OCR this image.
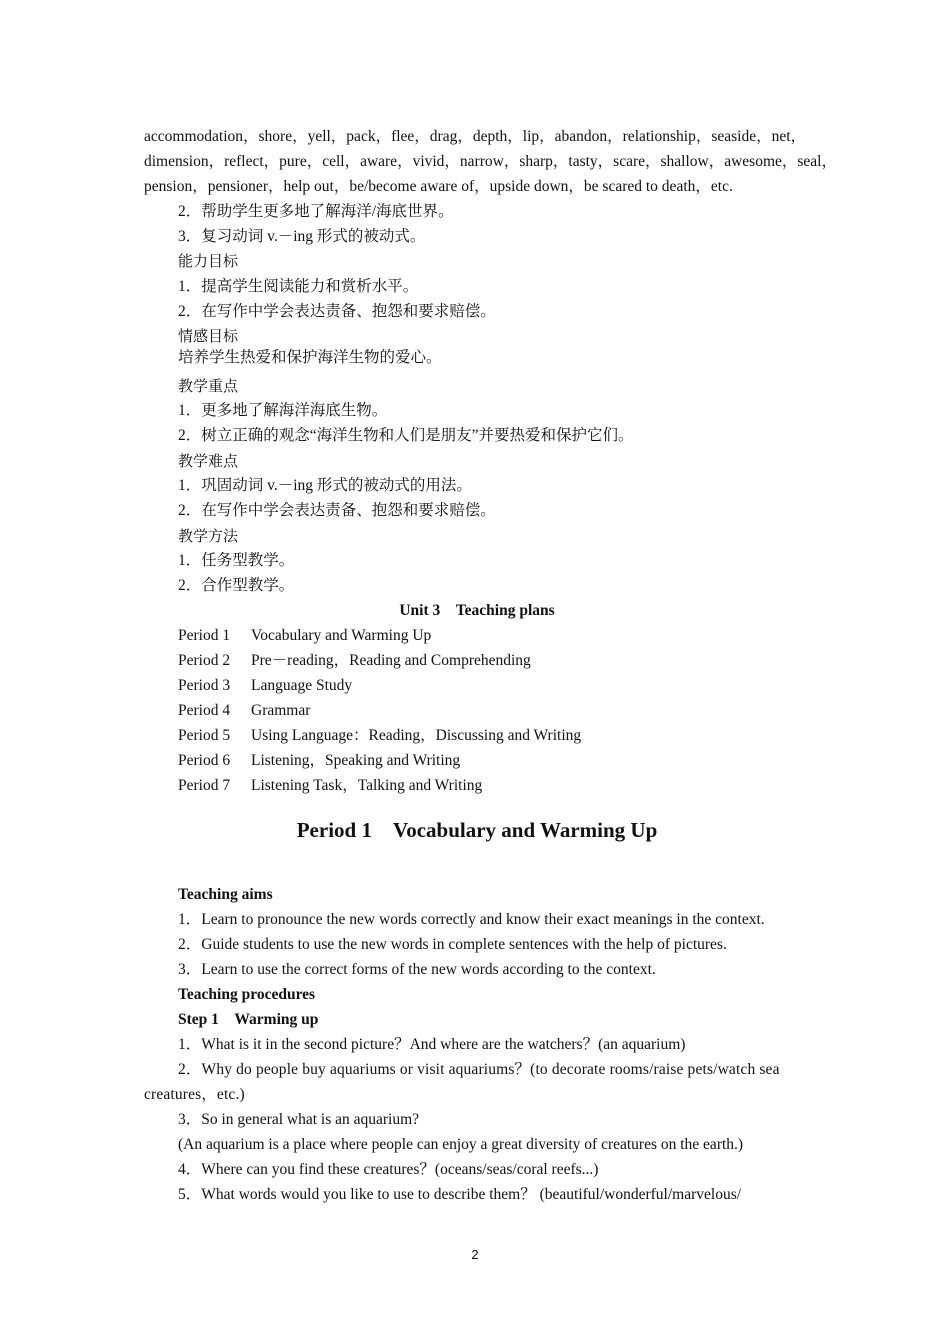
accommodation，shore，yell，pack，flee，drag，depth，lip，abandon，relationship，seaside，net，
dimension，reflect，pure，cell，aware，vivid，narrow，sharp，tasty，scare，shallow，awesome，seal，
pension，pensioner，help out，be/become aware of，upside down，be scared to death，etc.
2．帮助学生更多地了解海洋/海底世界。
3．复习动词 v.－ing 形式的被动式。
能力目标
1．提高学生阅读能力和赏析水平。
2．在写作中学会表达责备、抱怨和要求赔偿。
情感目标
培养学生热爱和保护海洋生物的爱心。
教学重点
1．更多地了解海洋海底生物。
2．树立正确的观念“海洋生物和人们是朋友”并要热爱和保护它们。
教学难点
1．巩固动词 v.－ing 形式的被动式的用法。
2．在写作中学会表达责备、抱怨和要求赔偿。
教学方法
1．任务型教学。
2．合作型教学。
Unit 3　Teaching plans
Period 1 Vocabulary and Warming Up
Period 2 Pre－reading，Reading and Comprehending
Period 3 Language Study
Period 4 Grammar
Period 5 Using Language：Reading，Discussing and Writing
Period 6 Listening，Speaking and Writing
Period 7 Listening Task，Talking and Writing
Period 1　Vocabulary and Warming Up
Teaching aims
1．Learn to pronounce the new words correctly and know their exact meanings in the context.
2．Guide students to use the new words in complete sentences with the help of pictures.
3．Learn to use the correct forms of the new words according to the context.
Teaching procedures
Step 1　Warming up
1．What is it in the second picture？And where are the watchers？(an aquarium)
2．Why do people buy aquariums or visit aquariums？(to decorate rooms/raise pets/watch sea creatures，etc.)
3．So in general what is an aquarium?
(An aquarium is a place where people can enjoy a great diversity of creatures on the earth.)
4．Where can you find these creatures？(oceans/seas/coral reefs...)
5．What words would you like to use to describe them？ (beautiful/wonderful/marvelous/
2
